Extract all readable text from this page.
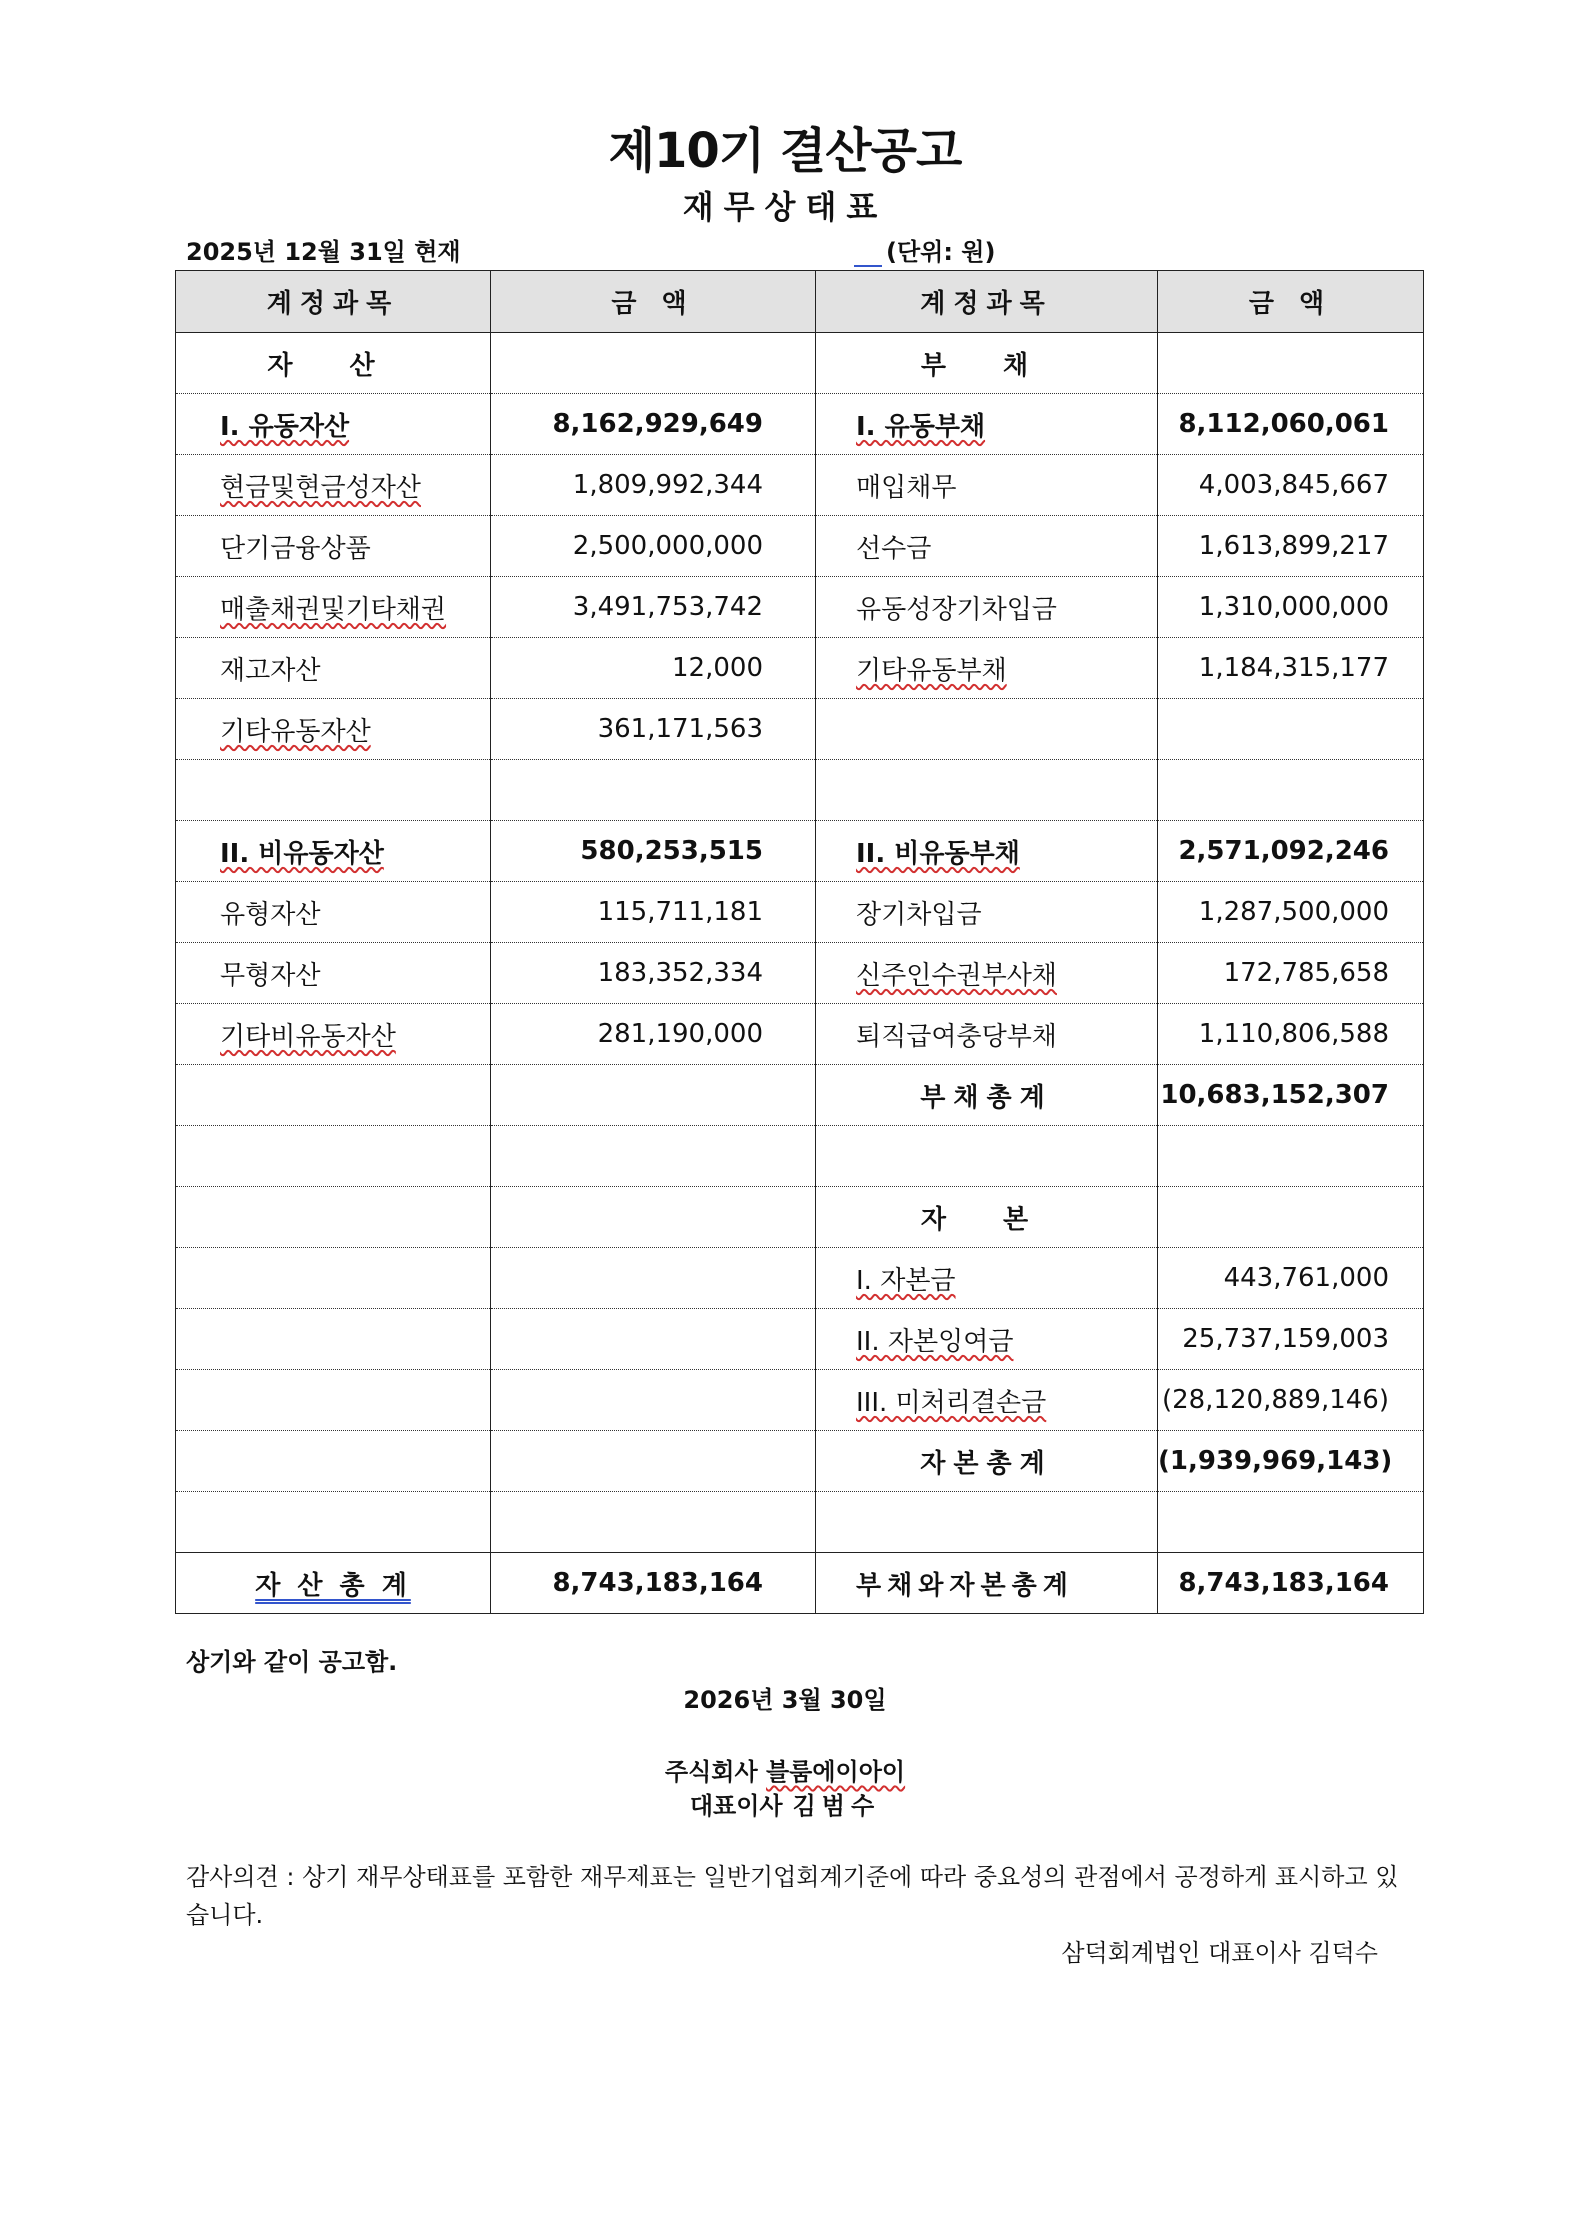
제10기 결산공고
재무상태표
2025년 12월 31일 현재	(단위: 원)
계정과목	금 액	계정과목	금 액
자 산		부 채	
I. 유동자산	8,162,929,649	I. 유동부채	8,112,060,061
현금및현금성자산	1,809,992,344	매입채무	4,003,845,667
단기금융상품	2,500,000,000	선수금	1,613,899,217
매출채권및기타채권	3,491,753,742	유동성장기차입금	1,310,000,000
재고자산	12,000	기타유동부채	1,184,315,177
기타유동자산	361,171,563		

II. 비유동자산	580,253,515	II. 비유동부채	2,571,092,246
유형자산	115,711,181	장기차입금	1,287,500,000
무형자산	183,352,334	신주인수권부사채	172,785,658
기타비유동자산	281,190,000	퇴직급여충당부채	1,110,806,588
		부채총계	10,683,152,307

		자 본	
		I. 자본금	443,761,000
		II. 자본잉여금	25,737,159,003
		III. 미처리결손금	(28,120,889,146)
		자본총계	(1,939,969,143)

자 산 총 계	8,743,183,164	부채와자본총계	8,743,183,164
상기와 같이 공고함.
2026년 3월 30일
주식회사 블룸에이아이
대표이사 김범수
감사의견 : 상기 재무상태표를 포함한 재무제표는 일반기업회계기준에 따라 중요성의 관점에서 공정하게 표시하고 있습니다.
삼덕회계법인 대표이사 김덕수
